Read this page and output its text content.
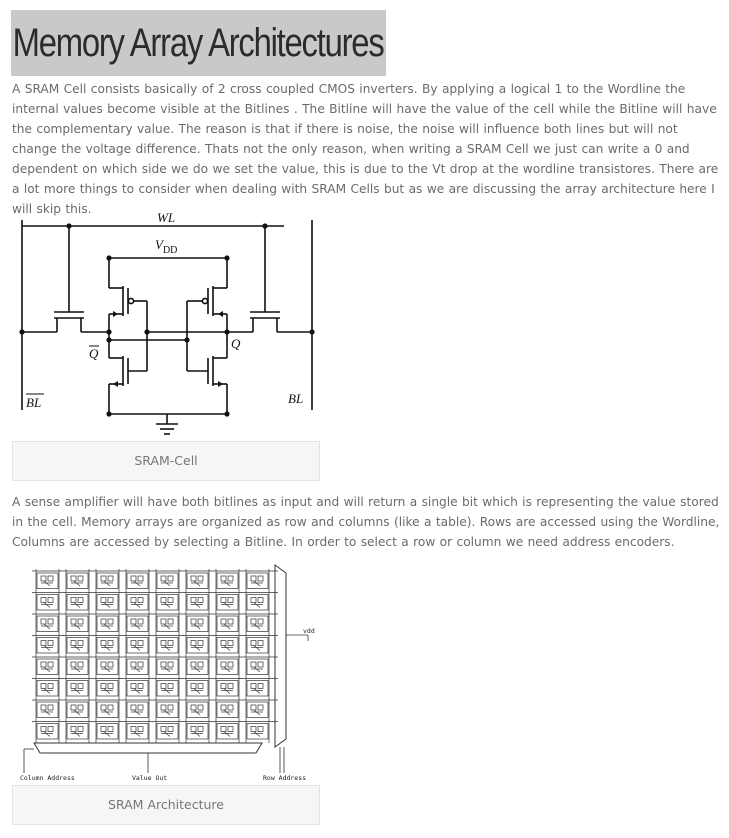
Memory Array Architectures

A SRAM Cell consists basically of 2 cross coupled CMOS inverters. By applying a logical 1 to the Wordline the internal values become visible at the Bitlines . The Bitline will have the value of the cell while the Bitline will have the complementary value. The reason is that if there is noise, the noise will influence both lines but will not change the voltage difference. Thats not the only reason, when writing a SRAM Cell we just can write a 0 and dependent on which side we do we set the value, this is due to the Vt drop at the wordline transistores. There are a lot more things to consider when dealing with SRAM Cells but as we are discussing the array architecture here I will skip this.

WL
$V_{DD}$
Q
Q
BL	BL
SRAM-Cell

A sense amplifier will have both bitlines as input and will return a single bit which is representing the value stored in the cell. Memory arrays are organized as row and columns (like a table). Rows are accessed using the Wordline, Columns are accessed by selecting a Bitline. In order to select a row or column we need address encoders.

vdd
Column Address	Value Out	Row Address
SRAM Architecture
